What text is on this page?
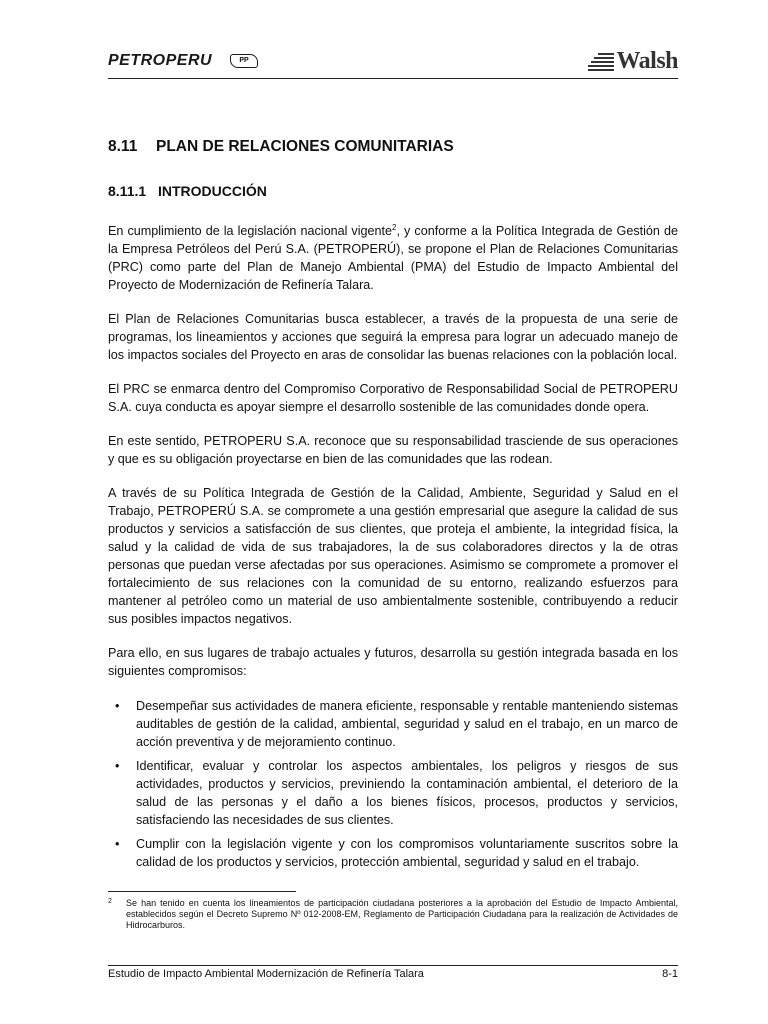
PETROPERU	PP	Walsh
8.11 PLAN DE RELACIONES COMUNITARIAS
8.11.1 INTRODUCCIÓN

En cumplimiento de la legislación nacional vigente$^2$, y conforme a la Política Integrada de Gestión de la Empresa Petróleos del Perú S.A. (PETROPERÚ), se propone el Plan de Relaciones Comunitarias (PRC) como parte del Plan de Manejo Ambiental (PMA) del Estudio de Impacto Ambiental del Proyecto de Modernización de Refinería Talara.

El Plan de Relaciones Comunitarias busca establecer, a través de la propuesta de una serie de programas, los lineamientos y acciones que seguirá la empresa para lograr un adecuado manejo de los impactos sociales del Proyecto en aras de consolidar las buenas relaciones con la población local.

El PRC se enmarca dentro del Compromiso Corporativo de Responsabilidad Social de PETROPERU S.A. cuya conducta es apoyar siempre el desarrollo sostenible de las comunidades donde opera.

En este sentido, PETROPERU S.A. reconoce que su responsabilidad trasciende de sus operaciones y que es su obligación proyectarse en bien de las comunidades que las rodean.

A través de su Política Integrada de Gestión de la Calidad, Ambiente, Seguridad y Salud en el Trabajo, PETROPERÚ S.A. se compromete a una gestión empresarial que asegure la calidad de sus productos y servicios a satisfacción de sus clientes, que proteja el ambiente, la integridad física, la salud y la calidad de vida de sus trabajadores, la de sus colaboradores directos y la de otras personas que puedan verse afectadas por sus operaciones. Asimismo se compromete a promover el fortalecimiento de sus relaciones con la comunidad de su entorno, realizando esfuerzos para mantener al petróleo como un material de uso ambientalmente sostenible, contribuyendo a reducir sus posibles impactos negativos.

Para ello, en sus lugares de trabajo actuales y futuros, desarrolla su gestión integrada basada en los siguientes compromisos:

• Desempeñar sus actividades de manera eficiente, responsable y rentable manteniendo sistemas auditables de gestión de la calidad, ambiental, seguridad y salud en el trabajo, en un marco de acción preventiva y de mejoramiento continuo.
• Identificar, evaluar y controlar los aspectos ambientales, los peligros y riesgos de sus actividades, productos y servicios, previniendo la contaminación ambiental, el deterioro de la salud de las personas y el daño a los bienes físicos, procesos, productos y servicios, satisfaciendo las necesidades de sus clientes.
• Cumplir con la legislación vigente y con los compromisos voluntariamente suscritos sobre la calidad de los productos y servicios, protección ambiental, seguridad y salud en el trabajo.
2	Se han tenido en cuenta los lineamientos de participación ciudadana posteriores a la aprobación del Estudio de Impacto Ambiental, establecidos según el Decreto Supremo Nº 012-2008-EM, Reglamento de Participación Ciudadana para la realización de Actividades de Hidrocarburos.
Estudio de Impacto Ambiental Modernización de Refinería Talara	8-1
